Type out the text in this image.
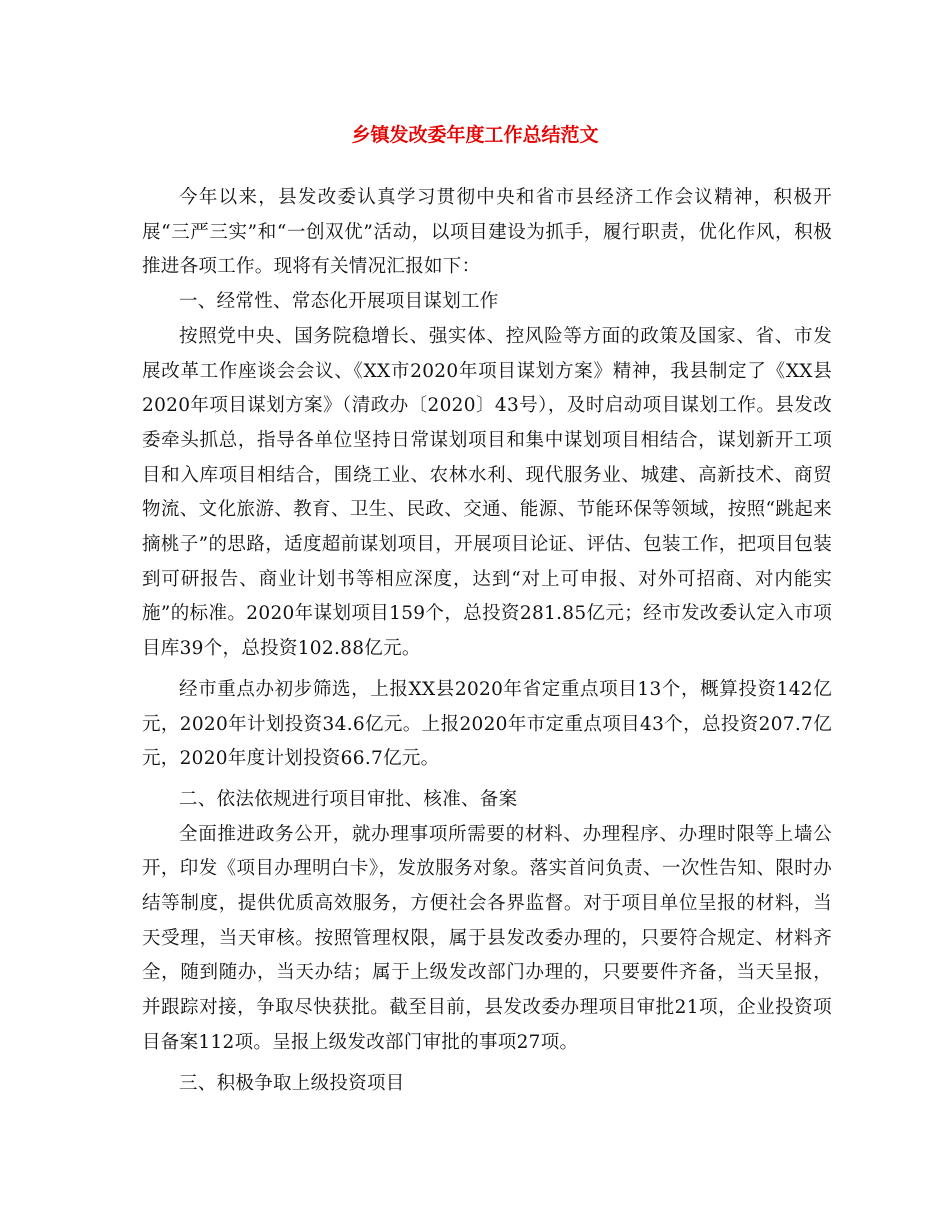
乡镇发改委年度工作总结范文

今年以来，县发改委认真学习贯彻中央和省市县经济工作会议精神，积极开展“三严三实”和“一创双优”活动，以项目建设为抓手，履行职责，优化作风，积极推进各项工作。现将有关情况汇报如下：

一、经常性、常态化开展项目谋划工作

按照党中央、国务院稳增长、强实体、控风险等方面的政策及国家、省、市发展改革工作座谈会会议、《XX市2020年项目谋划方案》精神，我县制定了《XX县2020年项目谋划方案》（清政办〔2020〕43号），及时启动项目谋划工作。县发改委牵头抓总，指导各单位坚持日常谋划项目和集中谋划项目相结合，谋划新开工项目和入库项目相结合，围绕工业、农林水利、现代服务业、城建、高新技术、商贸物流、文化旅游、教育、卫生、民政、交通、能源、节能环保等领域，按照“跳起来摘桃子”的思路，适度超前谋划项目，开展项目论证、评估、包装工作，把项目包装到可研报告、商业计划书等相应深度，达到“对上可申报、对外可招商、对内能实施”的标准。2020年谋划项目159个，总投资281.85亿元；经市发改委认定入市项目库39个，总投资102.88亿元。

经市重点办初步筛选，上报XX县2020年省定重点项目13个，概算投资142亿元，2020年计划投资34.6亿元。上报2020年市定重点项目43个，总投资207.7亿元，2020年度计划投资66.7亿元。

二、依法依规进行项目审批、核准、备案

全面推进政务公开，就办理事项所需要的材料、办理程序、办理时限等上墙公开，印发《项目办理明白卡》，发放服务对象。落实首问负责、一次性告知、限时办结等制度，提供优质高效服务，方便社会各界监督。对于项目单位呈报的材料，当天受理，当天审核。按照管理权限，属于县发改委办理的，只要符合规定、材料齐全，随到随办，当天办结；属于上级发改部门办理的，只要要件齐备，当天呈报，并跟踪对接，争取尽快获批。截至目前，县发改委办理项目审批21项，企业投资项目备案112项。呈报上级发改部门审批的事项27项。

三、积极争取上级投资项目
